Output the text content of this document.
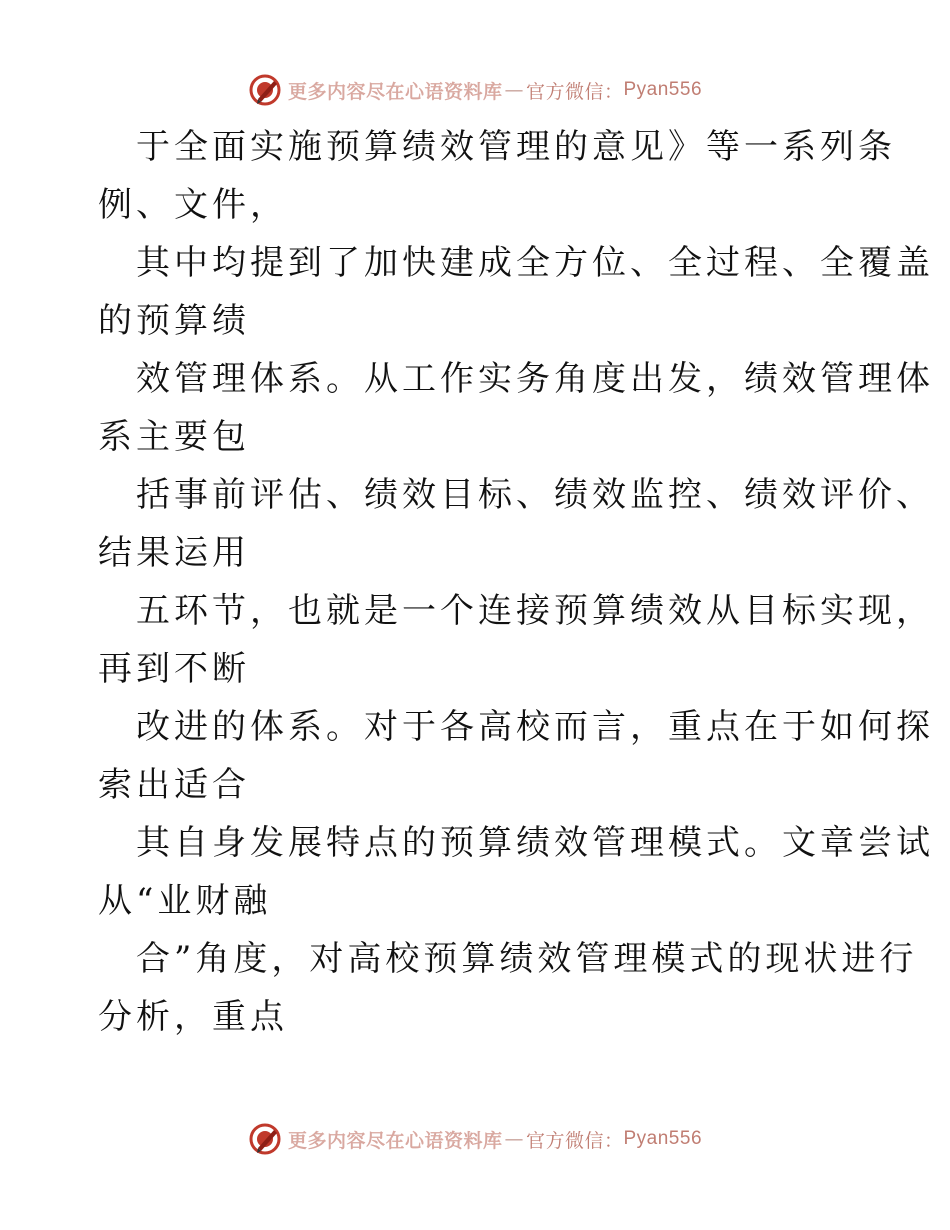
更多内容尽在心语资料库 — 官方微信： Pyan556

于全面实施预算绩效管理的意见》等一系列条
例、文件，

其中均提到了加快建成全方位、全过程、全覆盖
的预算绩

效管理体系。从工作实务角度出发，绩效管理体
系主要包

括事前评估、绩效目标、绩效监控、绩效评价、
结果运用

五环节，也就是一个连接预算绩效从目标实现，
再到不断

改进的体系。对于各高校而言，重点在于如何探
索出适合

其自身发展特点的预算绩效管理模式。文章尝试
从“业财融

合”角度，对高校预算绩效管理模式的现状进行
分析，重点

更多内容尽在心语资料库 — 官方微信： Pyan556
